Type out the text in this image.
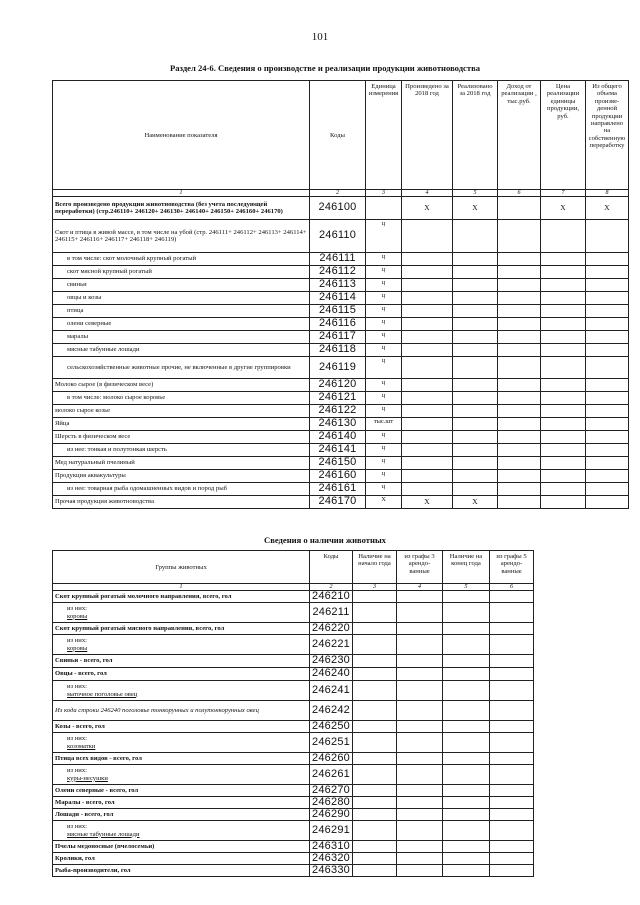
101
Раздел 24-6. Сведения о производстве и реализации продукции животноводства
Наименование показателя	Коды	Единица измерения	Произведено за 2018 год	Реализовано за 2018 год	Доход от реализации , тыс.руб.	Цена реализации единицы продукции, руб.	Из общего объема произве-денной продукции направлено на собственную переработку
1	2	3	4	5	6	7	8
Всего произведено продукции животноводства (без учета последующей переработки) (стр.246110+ 246120+ 246130+ 246140+ 246150+ 246160+ 246170)	246100		X	X		X	X
Скот и птица в живой массе, в том числе на убой (стр. 246111+ 246112+ 246113+ 246114+ 246115+ 246116+ 246117+ 246118+ 246119)	246110	ц					
в том числе: скот молочный крупный рогатый	246111	ц					
скот мясной крупный рогатый	246112	ц					
свиньи	246113	ц					
овцы и козы	246114	ц					
птица	246115	ц					
олени северные	246116	ц					
маралы	246117	ц					
мясные табунные лошади	246118	ц					
сельскохозяйственные животные прочие, не включенные в другие группировки	246119	ц					
Молоко сырое (в физическом весе)	246120	ц					
в том числе: молоко сырое коровье	246121	ц					
молоко сырое козье	246122	ц					
Яйца	246130	тыс.шт					
Шерсть в физическом весе	246140	ц					
из нее: тонкая и полутонкая шерсть	246141	ц					
Мед натуральный пчелиный	246150	ц					
Продукция аквакультуры	246160	ц					
из нее: товарная рыба одомашненных видов и пород рыб	246161	ц					
Прочая продукция животноводства	246170	X	X	X			
Сведения о наличии животных
Группы животных	Коды	Наличие на начало года	из графы 3 арендо-ванные	Наличие на конец года	из графы 5 арендо-ванные	
1	2	3	4	5	6	
Скот крупный рогатый молочного направления, всего, гол	246210					

из них:
коровы	246211					
Скот крупный рогатый мясного направления, всего, гол	246220					

из них:
коровы	246221					
Свиньи - всего, гол	246230					
Овцы - всего, гол	246240					

из них:
маточное поголовье овец	246241					
Из кода строки 246240 поголовье тонкорунных и полутонкорунных овец	246242					
Козы - всего, гол	246250					

из них:
козоматки	246251					
Птица всех видов - всего, гол	246260					

из них:
куры-несушки	246261					
Олени северные - всего, гол	246270					
Маралы - всего, гол	246280					
Лошади - всего, гол	246290					

из них:
мясные табунные лошади	246291					
Пчелы медоносные (пчелосемьи)	246310					
Кролики, гол	246320					
Рыба-производители, гол	246330					
